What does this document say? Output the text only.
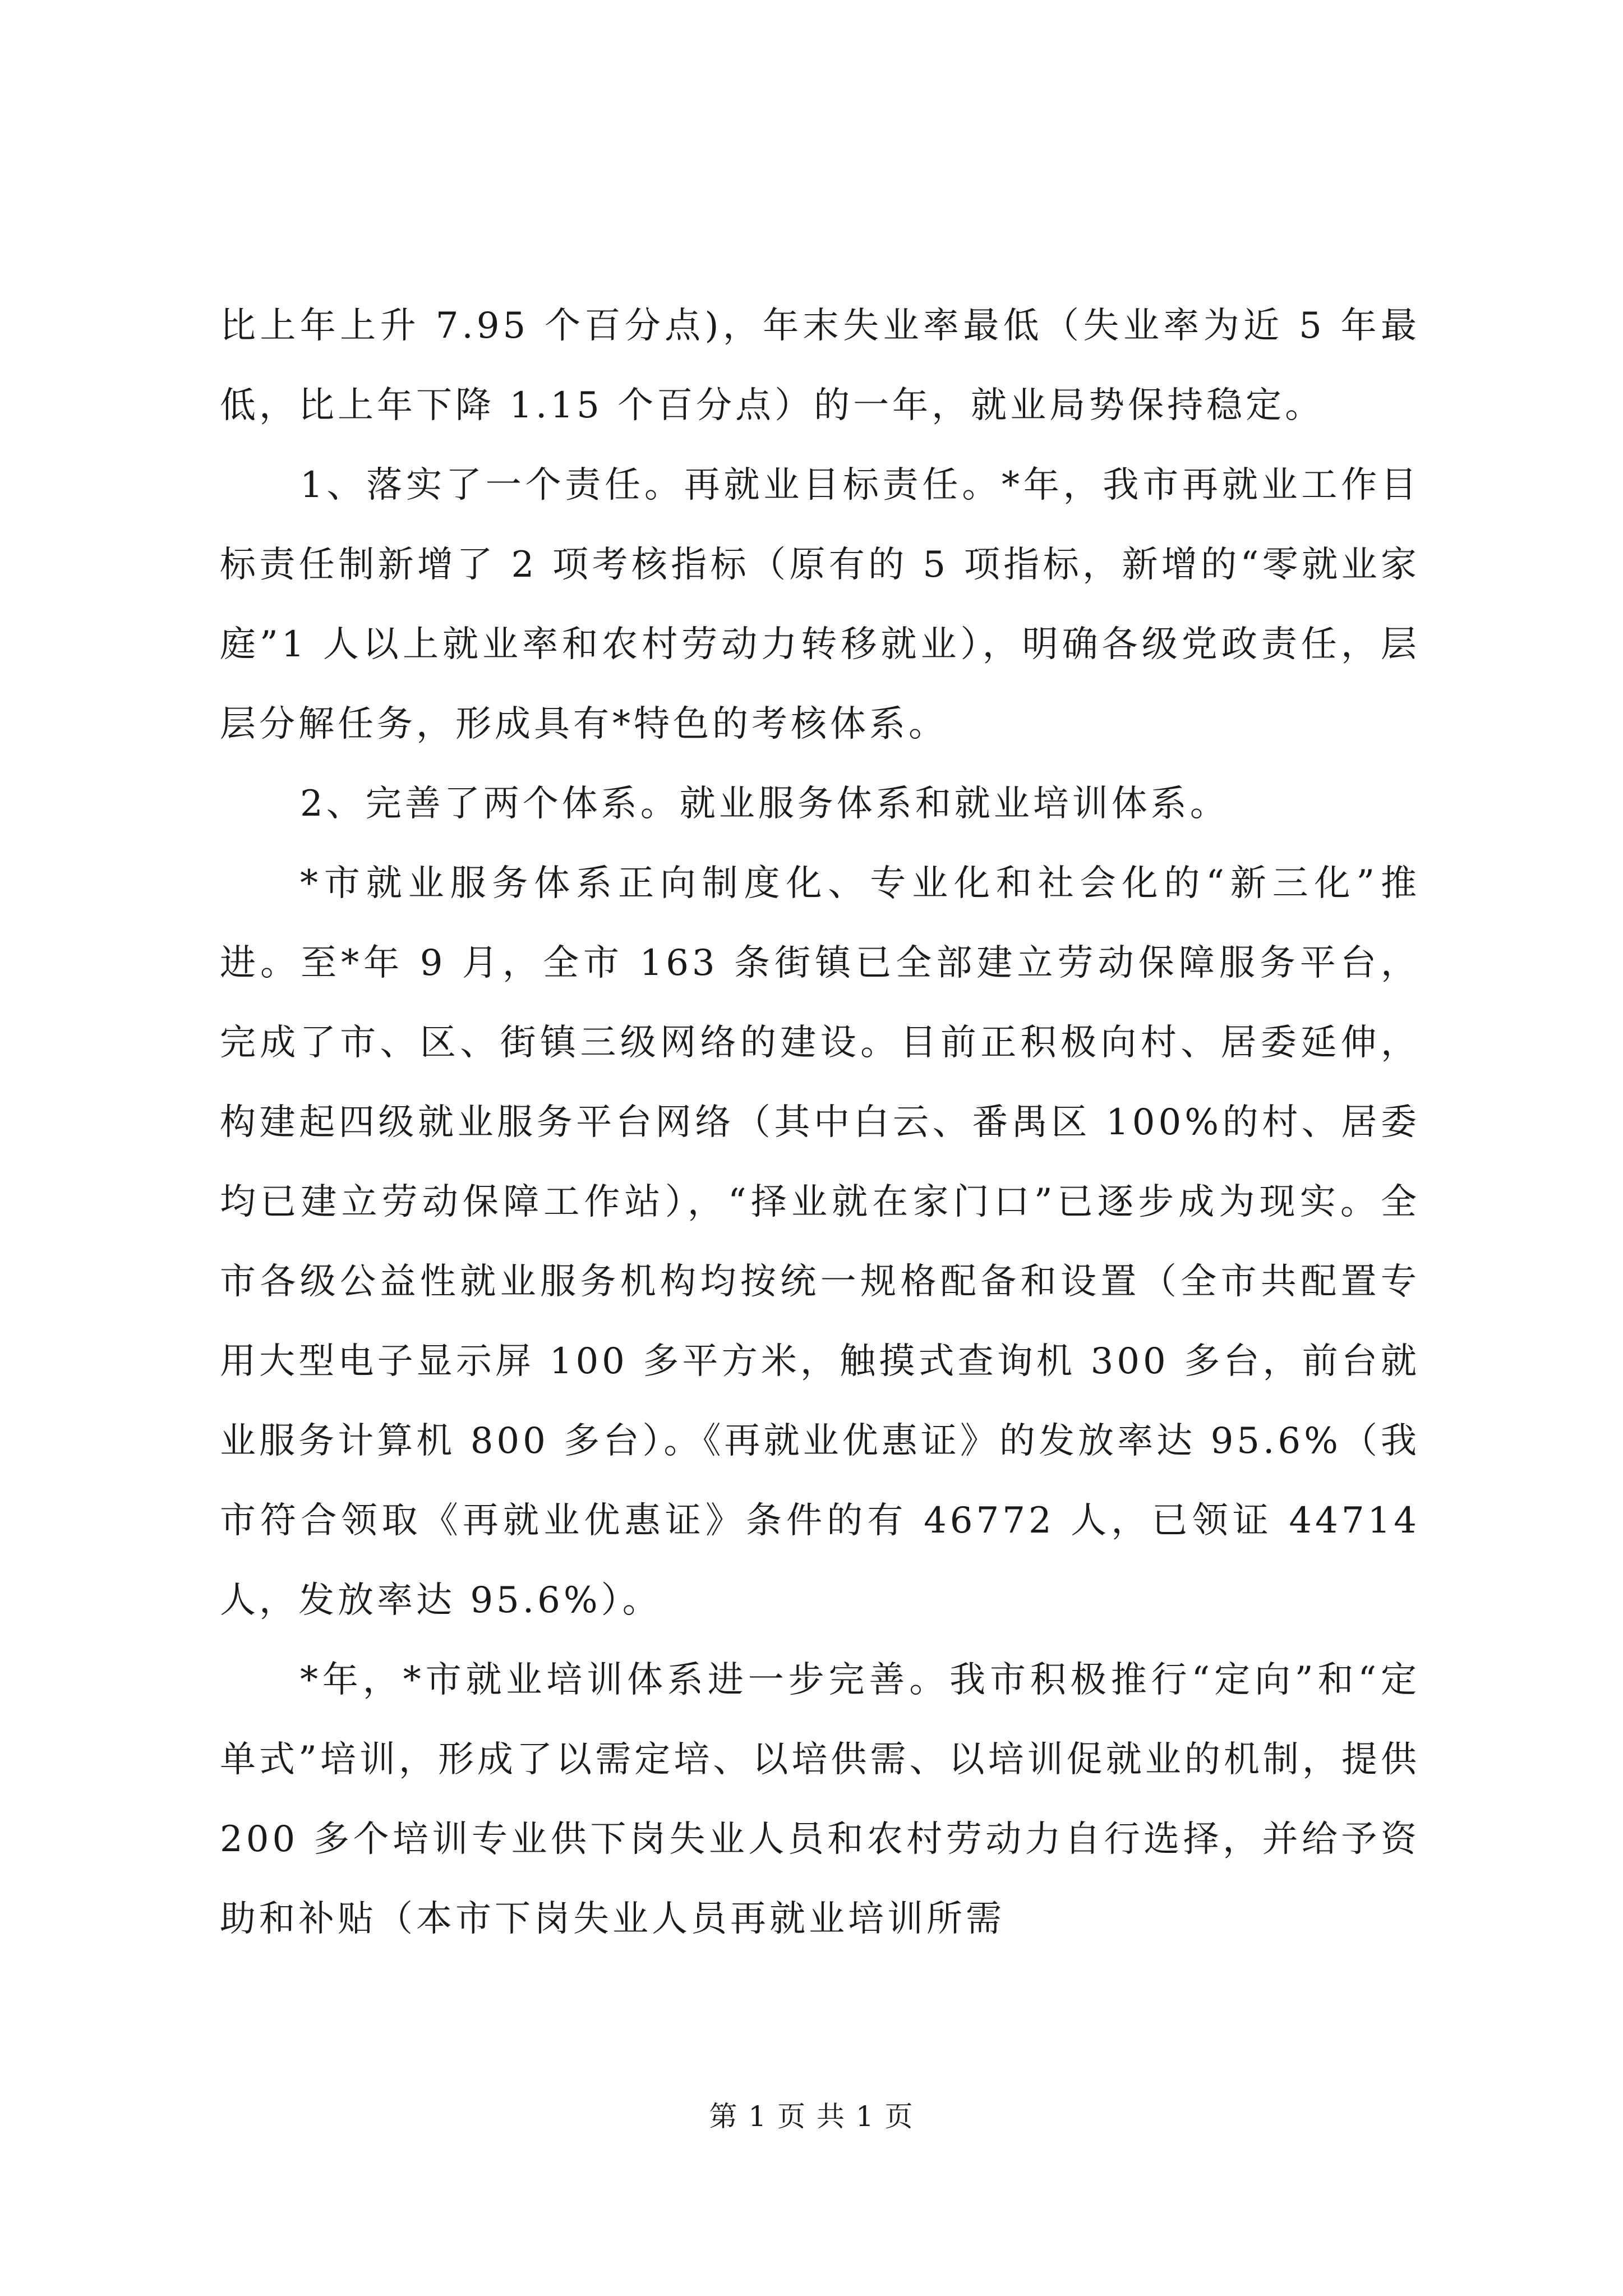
比上年上升 7.95 个百分点)，年末失业率最低（失业率为近 5 年最低，比上年下降 1.15 个百分点）的一年，就业局势保持稳定。

1、落实了一个责任。再就业目标责任。*年，我市再就业工作目标责任制新增了 2 项考核指标（原有的 5 项指标，新增的“零就业家庭”1 人以上就业率和农村劳动力转移就业），明确各级党政责任，层层分解任务，形成具有*特色的考核体系。

2、完善了两个体系。就业服务体系和就业培训体系。

*市就业服务体系正向制度化、专业化和社会化的“新三化”推进。至*年 9 月，全市 163 条街镇已全部建立劳动保障服务平台，完成了市、区、街镇三级网络的建设。目前正积极向村、居委延伸，构建起四级就业服务平台网络（其中白云、番禺区 100%的村、居委均已建立劳动保障工作站），“择业就在家门口”已逐步成为现实。全市各级公益性就业服务机构均按统一规格配备和设置（全市共配置专用大型电子显示屏 100 多平方米，触摸式查询机 300 多台，前台就业服务计算机 800 多台）。《再就业优惠证》的发放率达 95.6%（我市符合领取《再就业优惠证》条件的有 46772 人，已领证 44714 人，发放率达 95.6%）。

*年，*市就业培训体系进一步完善。我市积极推行“定向”和“定单式”培训，形成了以需定培、以培供需、以培训促就业的机制，提供 200 多个培训专业供下岗失业人员和农村劳动力自行选择，并给予资助和补贴（本市下岗失业人员再就业培训所需

第 1 页 共 1 页
